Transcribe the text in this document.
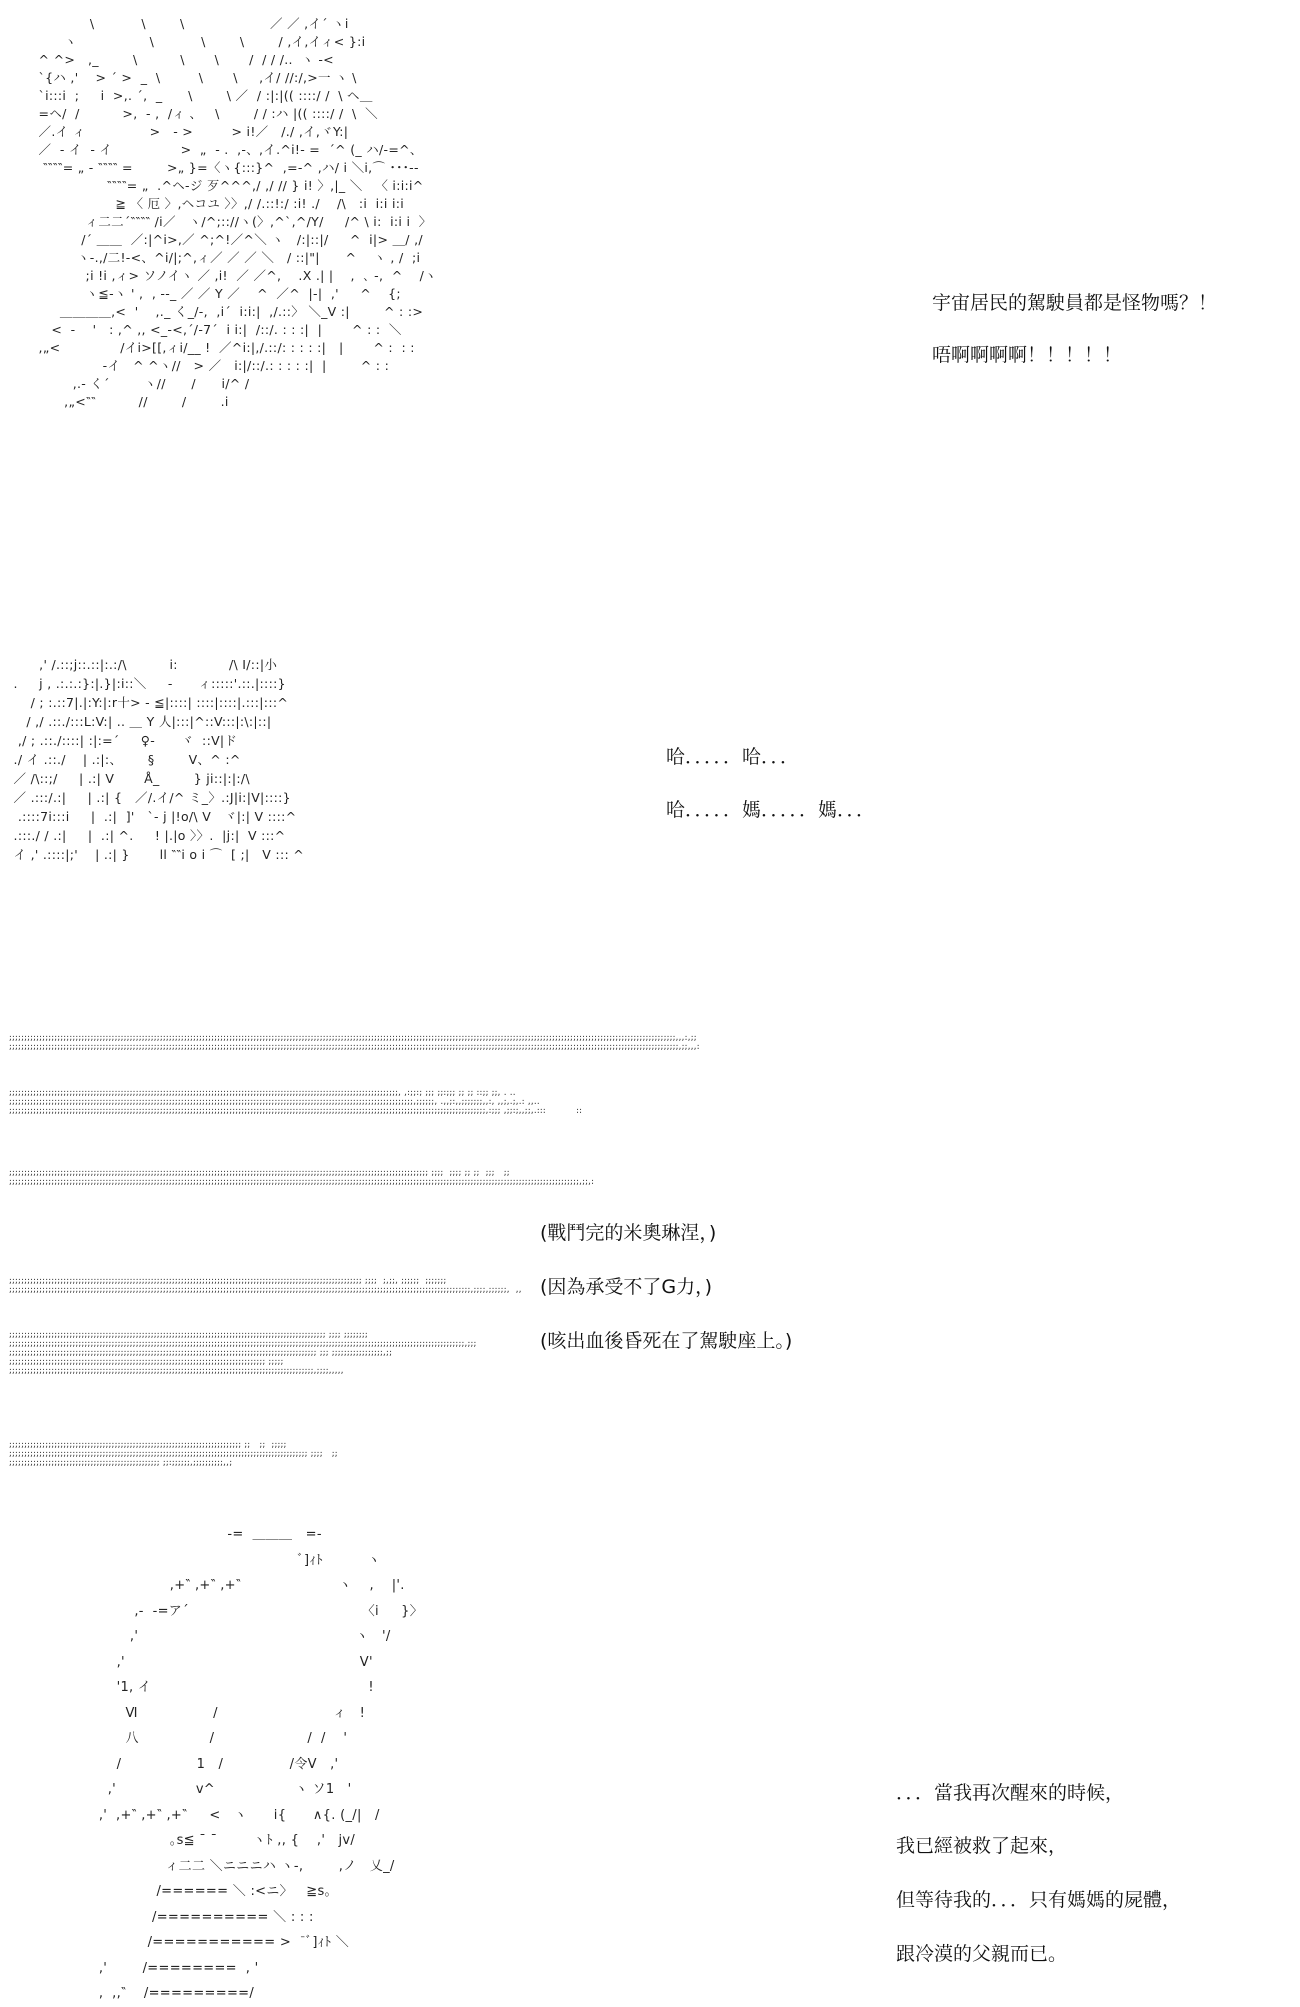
\           \        \                    ／ ／ ,イ´ ヽi
ヽ                 \           \        \        / ,イ,イィ< }:i
^ ^>   ,_        \          \       \       /  / / /..  ヽ -<
`{ハ ,'    > ´ >  _  \         \       \     ,イ/ //:/,>一 ヽ \
`i:::i  ;     i  >,. ´,  _      \        \ ／  / :|:|(( ::::/ /  \ ヘ＿
=ヘ/  /          >,  - ,  /ィ 、   \        / / :ハ |(( ::::/ /  \  ＼
／.イ ィ               >   - >         > i!／   /./ ,イ,ヾY:|
／  - イ  - イ                >  „  - .  ,-、,イ.^i!- =  ´^ (_ ハ/-=^、
‶‶‶‶= „ - ‶‶‶‶ =        >„ }=〈ヽ{:::}^  ,=-^ ,ハ/ i ＼i,⌒ ･･･-‐
‶‶‶‶= „  .^ヘ-ジ 歹^^^,/ ,/ // } i! 〉,|_ ＼   〈 i:i:i^
≧ 〈 厄 〉,ヘコユ 〉〉,/ /.::!:/ :i! ./    /\   :i  i:i i:i
ィ二二´‶‶‶‶ /i／   ヽ/^;:://ヽ(〉,^`,^/Y/     /^ \ i:  i:i i  〉
/´ ＿＿  ／:|^i>,／ ^;^!／^＼ ヽ   /:|::|/     ^  i|> ＿/ ,/
ヽ-.,/二!-<、^i/|;^,ィ／ ／ ／ ＼   / ::|"|      ^    ヽ , /  ;i
;i !i ,ィ> ソノイヽ ／ ,i!  ／ ／^,    .X .| |    ,  ､ -,  ^    /ヽ
ヽ≦-ヽ ' ,  , --_ ／ ／ Y ／    ^  ／^  |-|  ,'     ^    {;
＿＿＿＿,<  '    ,._ く_/-,  ,i´  i:i:|  ,/.::〉 ＼_V :|        ^ : :>
<  -    '   : ,^ ,, <_-<,´/-7´  i i:|  /::/. : : :|  |       ^ : :  ＼
,„<              /イi>[[,ィi/__ !  ／^i:|,/.::/: : : : :|   |       ^ :  : :
-イ   ^ ^ヽ//   > ／   i:|/::/.: : : : :|  |        ^ : :
,.- く´        ヽ//      /      i/^ /
,„<‶‶          //        /        .i
宇宙居民的駕駛員都是怪物嗎？！
唔啊啊啊啊！！！！！
,' /.::;j::.::|:.:/\          i:            /\ I/::|小
.     j , .:.:.:}:|.}|:i::＼     -      ィ:::::'.::.|::::}
/ ; :.::7|.|:Y:|:r十> - ≦|::::| ::::|::::|.:::|:::^
/ ,/ .::./:::L:V:| .. ＿ Y 人|:::|^::V:::|:\:|::|
,/ ; .::./::::| :|:=´     ♀-      ヾ  ::V|ド
./ イ .::./    | .:|:、      §        V、^ :^
／ /\::;/     | .:| V       Å_        } ji::|:|:/\
／ .:::/.:|     | .:| {   ／/.イ/^ ミ_〉.:J|i:|V|::::}
.::::7i:::i     |  .:|  ]'   `- j |!o/\ V   ヾ|:| V ::::^
.:::./ / .:|     |  .:| ^.     ! |.|o 〉〉.  |j:|  V :::^
イ ,' .::::|;'    | .:| }       ll ‶‶i o i ⌒  [ ;|   V ::: ^
哈．．．．．哈．．．
哈．．．．．媽．．．．．媽．．．
;;;;;;;;;;;;;;;;;;;;;;;;;;;;;;;;;;;;;;;;;;;;;;;;;;;;;;;;;;;;;;;;;;;;;;;;;;;;;;;;;;;;;;;;;;;;;;;;;;;;;;;;;;;;;;;;;;;;;;;;;;;;;;;;;;;;;;;;;;;;;;;;;;;;;;;;;;;;;;;;;;;;;;;;;;;;;;;;;;;;;;;;;;;;;;;;;;;;;;;;;;;;;;;;;;;;;;;;;;;;;,,,:,;;
;;;;;;;;;;;;;;;;;;;;;;;;;;;;;;;;;;;;;;;;;;;;;;;;;;;;;;;;;;;;;;;;;;;;;;;;;;;;;;;;;;;;;;;;;;;;;;;;;;;;;;;;;;;;;;;;;;;;;;;;;;;;;;;;;;;;;;;;;;;;;;;;;;;;;;;;;;;;;;;;;;;;;;;;;;;;;;;;;;;;;;;;;;;;;;;;;;;;;;;;;;;;;;;;;;;;;;;;;;;;;;,;;,,,:
;;;;;;;;;;;;;;;;;;;;;;;;;;;;;;;;;;;;;;;;;;;;;;;;;;;;;;;;;;;;;;;;;;;;;;;;;;;;;;;;;;;;;;;;;;;;;;;;;;;;;;;;;;;;;;;;;;;;;;;;;;;;;;;;;, ,:;;:; ;;; ;;:;;; ;; ;; ::;; ;;, . ..
;;;;;;;;;;;;;;;;;;;;;;;;;;;;;;;;;;;;;;;;;;;;;;;;;;;;;;;;;;;;;;;;;;;;;;;;;;;;;;;;;;;;;;;;;;;;;;;;;;;;;;;;;;;;;;;;;;;;;;;;;;;;;;;;;;;;;;,;;;;;;, .,,;:,,;;;;;;;,,:, ,,;,.;,.: ,,..
;;;;;;;;;;;;;;;;;;;;;;;;;;;;;;;;;;;;;;;;;;;;;;;;;;;;;;;;;;;;;;;;;;;;;;;;;;;;;;;;;;;;;;;;;;;;;;;;;;;;;;;;;;;;;;;;;;;;;;;;;;;;;;;;;;;;;;;;;;;;;;;;;;;;;;;;;;;;;;,:;;; ,;;:;,,;;,.:::          ::
;;;;;;;;;;;;;;;;;;;;;;;;;;;;;;;;;;;;;;;;;;;;;;;;;;;;;;;;;;;;;;;;;;;;;;;;;;;;;;;;;;;;;;;;;;;;;;;;;;;;;;;;;;;;;;;;;;;;;;;;;;;;;;;;;;;;;;;;;;; ;;;;  ;;;; ;; ;;  ;;;   ;;
;;;;;;;;;;;;;;;;;;;;;;;;;;;;;;;;;;;;;;;;;;;;;;;;;;;;;;;;;;;;;;;;;;;;;;;;;;;;;;;;;;;;;;;;;;;;;;;;;;;;;;;;;;;;;;;;;;;;;;;;;;;;;;;;;;;;;;;;;;;;;;;;;;;;;;;;;;;;;;;;;;;;;;;;;;;;;;;;;;;;;;;;;;;;;,;;,:
;;;;;;;;;;;;;;;;;;;;;;;;;;;;;;;;;;;;;;;;;;;;;;;;;;;;;;;;;;;;;;;;;;;;;;;;;;;;;;;;;;;;;;;;;;;;;;;;;;;;;;;;;;;;;;;;;;;;; ;;;;  ;,;;, ;;;;;;  ;;;;;;;
;;;;;;;;;;;;;;;;;;;;;;;;;;;;;;;;;;;;;;;;;;;;;;;;;;;;;;;;;;;;;;;;;;;;;;;;;;;;;;;;;;;;;;;;;;;;;;;;;;;;;;;;;;;;;;;;;;;;;;;;;;;;;;;;;;;;;;;;;;;;;;;;;;;;;;;;;,;;;;,;;;;;;,  ,,
;;;;;;;;;;;;;;;;;;;;;;;;;;;;;;;;;;;;;;;;;;;;;;;;;;;;;;;;;;;;;;;;;;;;;;;;;;;;;;;;;;;;;;;;;;;;;;;;;;;;;;;;; ;;;; ;;;;;;;;
;;;;;;;;;;;;;;;;;;;;;;;;;;;;;;;;;;;;;;;;;;;;;;;;;;;;;;;;;;;;;;;;;;;;;;;;;;;;;;;;;;;;;;;;;;;;;;;;;;;;;;;;;;;;;;;;;;;;;;;;;;;;;;;;;;;;;;;;;;;;;;;;;;;;;;;,;;;
;;;;;;;;;;;;;;;;;;;;;;;;;;;;;;;;;;;;;;;;;;;;;;;;;;;;;;;;;;;;;;;;;;;;;;;;;;;;;;;;;;;;;;;;;;;;;;;;;;;;;; ;;; ;;;;;;;;;;;;;;;;;,;;
;;;;;;;;;;;;;;;;;;;;;;;;;;;;;;;;;;;;;;;;;;;;;;;;;;;;;;;;;;;;;;;;;;;;;;;;;;;;;;;;;;;;; ;;;;;
;;;;;;;;;;;;;;;;;;;;;;;;;;;;;;;;;;;;;;;;;;;;;;;;;;;;;;;;;;;;;;;;;;;;;;;;;;;;;;;;;;;;;;;;;;;;;;;;;;;;;,;;;;,,,,,
;;;;;;;;;;;;;;;;;;;;;;;;;;;;;;;;;;;;;;;;;;;;;;;;;;;;;;;;;;;;;;;;;;;;;;;;;;;;; ;;   ;;  ;;;;;
;;;;;;;;;;;;;;;;;;;;;;;;;;;;;;;;;;;;;;;;;;;;;;;;;;;;;;;;;;;;;;;;;;;;;;;;;;;;;;;;;;;;;;;;;;;;;;;;;;; ;;;;   ;;
;;;;;;;;;;;;;;;;;;;;;;;;;;;;;;;;;;;;;;;;;;;;;;;;;; ;;:;;;;;;,;;;;;;;;;;,,;
(戰鬥完的米奧琳涅，)
(因為承受不了G力，)
(咳出血後昏死在了駕駛座上。)
-=  ＿＿＿   =-
ﾞ]ｨﾄ          ヽ
,+‶ ,+‶ ,+‶                      ヽ    ,    |'.
,-  -=ア´                                       〈i     }〉
,'                                                 ヽ   '/
,'                                                     V'
'1, イ                                                 !
Ⅵ                 /                          ィ   !
八                /                     /  /    '
/                 1   /               /令V   ,'
,'                  v^                  ヽ ソ1   '
,'  ,+‶ ,+‶ ,+‶     <   ヽ      i{      ∧{. (_/|   /
｡s≦ ¯ ¯        ヽﾄ ,, {    ,'   jv/
ィ二二 ＼ニニニハ ヽ-,        ,ノ   乂_/
/====== ＼ :<ニ〉   ≧s｡
/========== ＼ : : :
/=========== >  ¯ﾞ]ｨﾄ ＼
,'        /========  , '
,  ,,‶    /=========/
．．．當我再次醒來的時候，
我已經被救了起來，
但等待我的．．．只有媽媽的屍體，
跟冷漠的父親而已。
